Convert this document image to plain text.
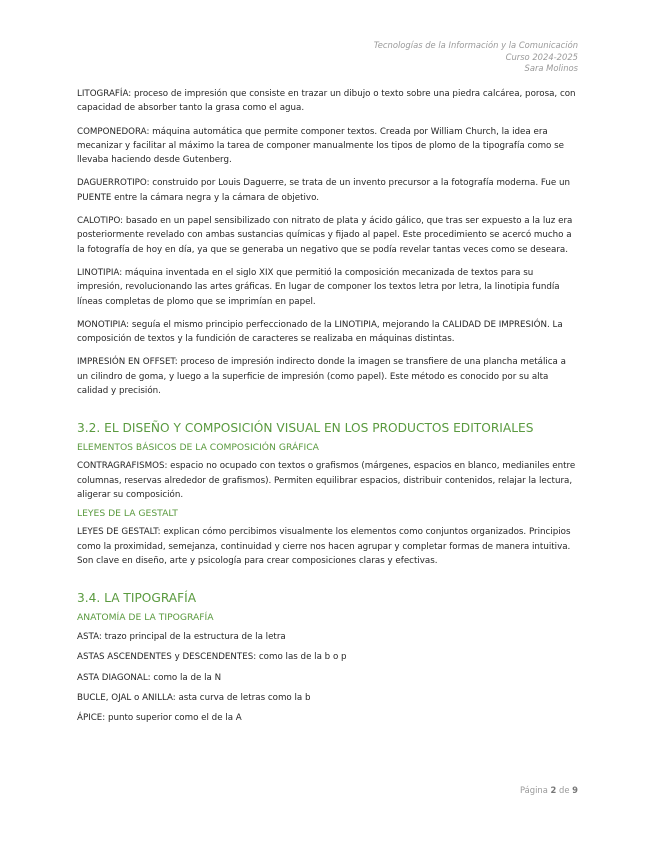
Tecnologías de la Información y la Comunicación
Curso 2024-2025
Sara Molinos

LITOGRAFÍA: proceso de impresión que consiste en trazar un dibujo o texto sobre una piedra calcárea, porosa, con capacidad de absorber tanto la grasa como el agua.

COMPONEDORA: máquina automática que permite componer textos. Creada por William Church, la idea era mecanizar y facilitar al máximo la tarea de componer manualmente los tipos de plomo de la tipografía como se llevaba haciendo desde Gutenberg.

DAGUERROTIPO: construido por Louis Daguerre, se trata de un invento precursor a la fotografía moderna. Fue un PUENTE entre la cámara negra y la cámara de objetivo.

CALOTIPO: basado en un papel sensibilizado con nitrato de plata y ácido gálico, que tras ser expuesto a la luz era posteriormente revelado con ambas sustancias químicas y fijado al papel. Este procedimiento se acercó mucho a la fotografía de hoy en día, ya que se generaba un negativo que se podía revelar tantas veces como se deseara.

LINOTIPIA: máquina inventada en el siglo XIX que permitió la composición mecanizada de textos para su impresión, revolucionando las artes gráficas. En lugar de componer los textos letra por letra, la linotipia fundía líneas completas de plomo que se imprimían en papel.

MONOTIPIA: seguía el mismo principio perfeccionado de la LINOTIPIA, mejorando la CALIDAD DE IMPRESIÓN. La composición de textos y la fundición de caracteres se realizaba en máquinas distintas.

IMPRESIÓN EN OFFSET: proceso de impresión indirecto donde la imagen se transfiere de una plancha metálica a un cilindro de goma, y luego a la superficie de impresión (como papel). Este método es conocido por su alta calidad y precisión.

3.2. EL DISEÑO Y COMPOSICIÓN VISUAL EN LOS PRODUCTOS EDITORIALES
ELEMENTOS BÁSICOS DE LA COMPOSICIÓN GRÁFICA

CONTRAGRAFISMOS: espacio no ocupado con textos o grafismos (márgenes, espacios en blanco, medianiles entre columnas, reservas alrededor de grafismos). Permiten equilibrar espacios, distribuir contenidos, relajar la lectura, aligerar su composición.

LEYES DE LA GESTALT

LEYES DE GESTALT: explican cómo percibimos visualmente los elementos como conjuntos organizados. Principios como la proximidad, semejanza, continuidad y cierre nos hacen agrupar y completar formas de manera intuitiva. Son clave en diseño, arte y psicología para crear composiciones claras y efectivas.

3.4. LA TIPOGRAFÍA
ANATOMÍA DE LA TIPOGRAFÍA

ASTA: trazo principal de la estructura de la letra

ASTAS ASCENDENTES y DESCENDENTES: como las de la b o p

ASTA DIAGONAL: como la de la N

BUCLE, OJAL o ANILLA: asta curva de letras como la b

ÁPICE: punto superior como el de la A

Página 2 de 9
